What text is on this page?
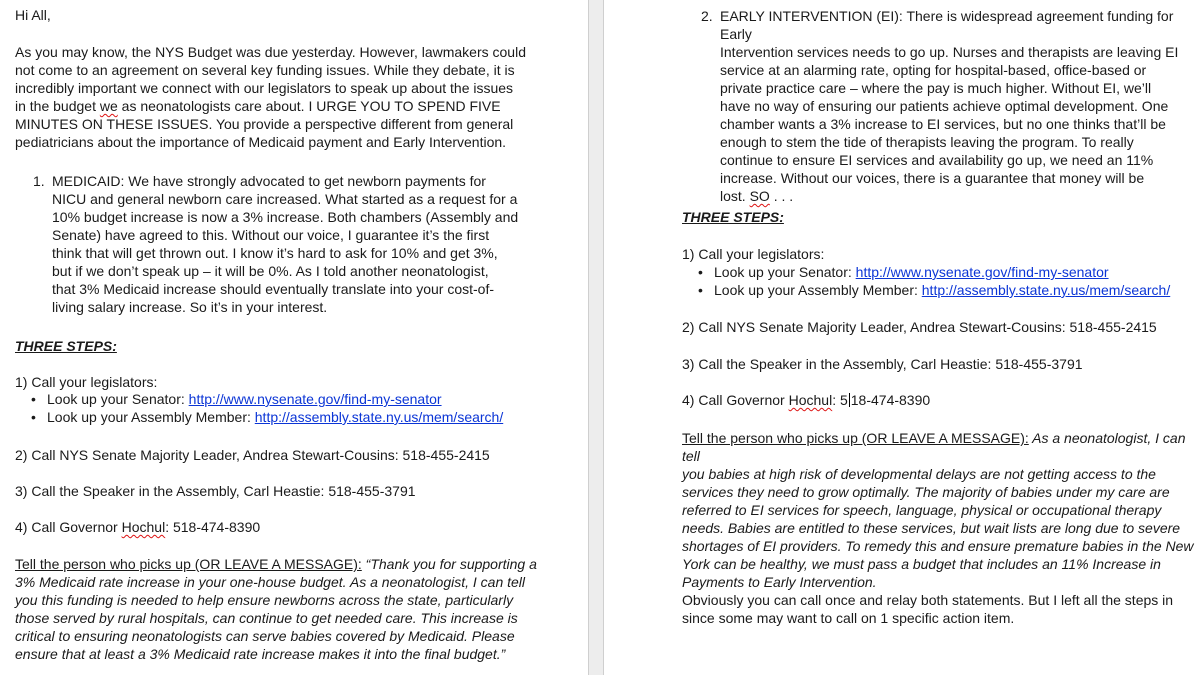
Hi All,

As you may know, the NYS Budget was due yesterday. However, lawmakers could

not come to an agreement on several key funding issues. While they debate, it is

incredibly important we connect with our legislators to speak up about the issues

in the budget we as neonatologists care about. I URGE YOU TO SPEND FIVE

MINUTES ON THESE ISSUES. You provide a perspective different from general

pediatricians about the importance of Medicaid payment and Early Intervention.

1. MEDICAID: We have strongly advocated to get newborn payments for

NICU and general newborn care increased. What started as a request for a

10% budget increase is now a 3% increase. Both chambers (Assembly and

Senate) have agreed to this. Without our voice, I guarantee it’s the first

think that will get thrown out. I know it’s hard to ask for 10% and get 3%,

but if we don’t speak up – it will be 0%. As I told another neonatologist,

that 3% Medicaid increase should eventually translate into your cost-of-

living salary increase. So it’s in your interest.

THREE STEPS:

1) Call your legislators:

• Look up your Senator: http://www.nysenate.gov/find-my-senator
• Look up your Assembly Member: http://assembly.state.ny.us/mem/search/

2) Call NYS Senate Majority Leader, Andrea Stewart-Cousins: 518-455-2415

3) Call the Speaker in the Assembly, Carl Heastie: 518-455-3791

4) Call Governor Hochul: 518-474-8390

Tell the person who picks up (OR LEAVE A MESSAGE): “Thank you for supporting a

3% Medicaid rate increase in your one-house budget. As a neonatologist, I can tell

you this funding is needed to help ensure newborns across the state, particularly

those served by rural hospitals, can continue to get needed care. This increase is

critical to ensuring neonatologists can serve babies covered by Medicaid. Please

ensure that at least a 3% Medicaid rate increase makes it into the final budget.”

2. EARLY INTERVENTION (EI): There is widespread agreement funding for Early

Intervention services needs to go up. Nurses and therapists are leaving EI

service at an alarming rate, opting for hospital-based, office-based or

private practice care – where the pay is much higher. Without EI, we’ll

have no way of ensuring our patients achieve optimal development. One

chamber wants a 3% increase to EI services, but no one thinks that’ll be

enough to stem the tide of therapists leaving the program. To really

continue to ensure EI services and availability go up, we need an 11%

increase. Without our voices, there is a guarantee that money will be

lost. SO . . .

THREE STEPS:

1) Call your legislators:

• Look up your Senator: http://www.nysenate.gov/find-my-senator
• Look up your Assembly Member: http://assembly.state.ny.us/mem/search/

2) Call NYS Senate Majority Leader, Andrea Stewart-Cousins: 518-455-2415

3) Call the Speaker in the Assembly, Carl Heastie: 518-455-3791

4) Call Governor Hochul: 5 18-474-8390

Tell the person who picks up (OR LEAVE A MESSAGE): As a neonatologist, I can tell

you babies at high risk of developmental delays are not getting access to the

services they need to grow optimally. The majority of babies under my care are

referred to EI services for speech, language, physical or occupational therapy

needs. Babies are entitled to these services, but wait lists are long due to severe

shortages of EI providers. To remedy this and ensure premature babies in the New

York can be healthy, we must pass a budget that includes an 11% Increase in

Payments to Early Intervention.

Obviously you can call once and relay both statements. But I left all the steps in

since some may want to call on 1 specific action item.
